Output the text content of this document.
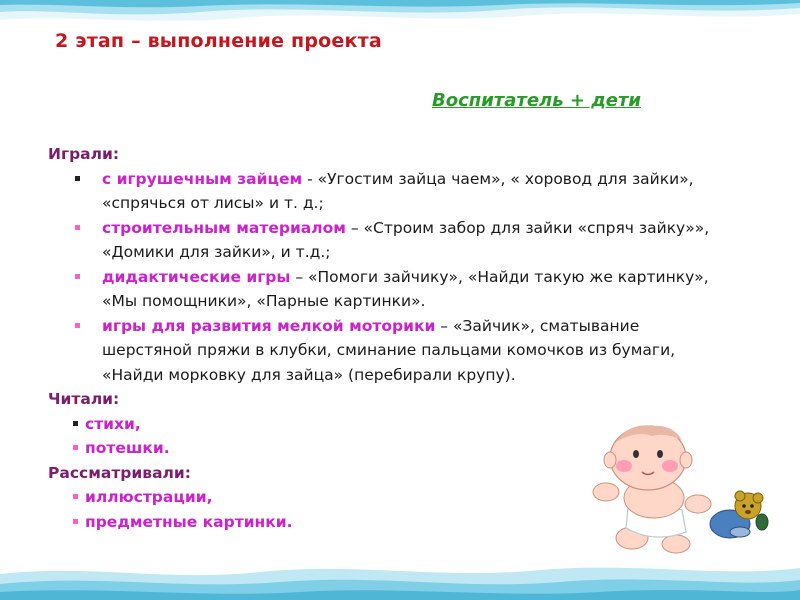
2 этап – выполнение проекта
Воспитатель + дети
Играли:
с игрушечным зайцем - «Угостим зайца чаем», « хоровод для зайки», «спрячься от лисы» и т. д.;
строительным материалом – «Строим забор для зайки «спряч зайку»», «Домики для зайки», и т.д.;
дидактические игры – «Помоги зайчику», «Найди такую же картинку», «Мы помощники», «Парные картинки».
игры для развития мелкой моторики – «Зайчик», сматывание шерстяной пряжи в клубки, сминание пальцами комочков из бумаги, «Найди морковку для зайца» (перебирали крупу).
Читали:
стихи,
потешки.
Рассматривали:
иллюстрации,
предметные картинки.
